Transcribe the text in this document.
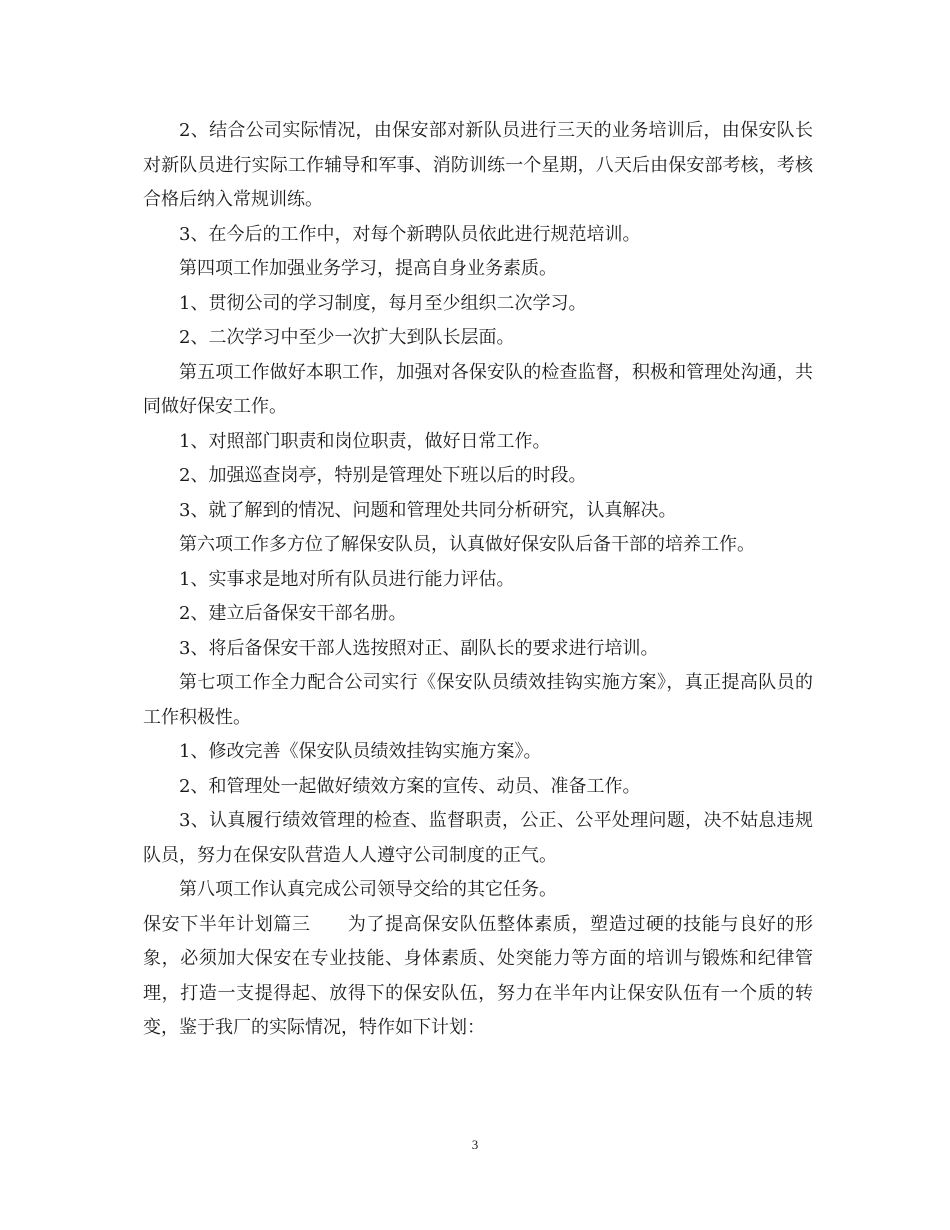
2、结合公司实际情况，由保安部对新队员进行三天的业务培训后，由保安队长对新队员进行实际工作辅导和军事、消防训练一个星期，八天后由保安部考核，考核合格后纳入常规训练。

3、在今后的工作中，对每个新聘队员依此进行规范培训。

第四项工作加强业务学习，提高自身业务素质。

1、贯彻公司的学习制度，每月至少组织二次学习。

2、二次学习中至少一次扩大到队长层面。

第五项工作做好本职工作，加强对各保安队的检查监督，积极和管理处沟通，共同做好保安工作。

1、对照部门职责和岗位职责，做好日常工作。

2、加强巡查岗亭，特别是管理处下班以后的时段。

3、就了解到的情况、问题和管理处共同分析研究，认真解决。

第六项工作多方位了解保安队员，认真做好保安队后备干部的培养工作。

1、实事求是地对所有队员进行能力评估。

2、建立后备保安干部名册。

3、将后备保安干部人选按照对正、副队长的要求进行培训。

第七项工作全力配合公司实行《保安队员绩效挂钩实施方案》，真正提高队员的工作积极性。

1、修改完善《保安队员绩效挂钩实施方案》。

2、和管理处一起做好绩效方案的宣传、动员、准备工作。

3、认真履行绩效管理的检查、监督职责，公正、公平处理问题，决不姑息违规队员，努力在保安队营造人人遵守公司制度的正气。

第八项工作认真完成公司领导交给的其它任务。

保安下半年计划篇三　　为了提高保安队伍整体素质，塑造过硬的技能与良好的形象，必须加大保安在专业技能、身体素质、处突能力等方面的培训与锻炼和纪律管理，打造一支提得起、放得下的保安队伍，努力在半年内让保安队伍有一个质的转变，鉴于我厂的实际情况，特作如下计划：

3
